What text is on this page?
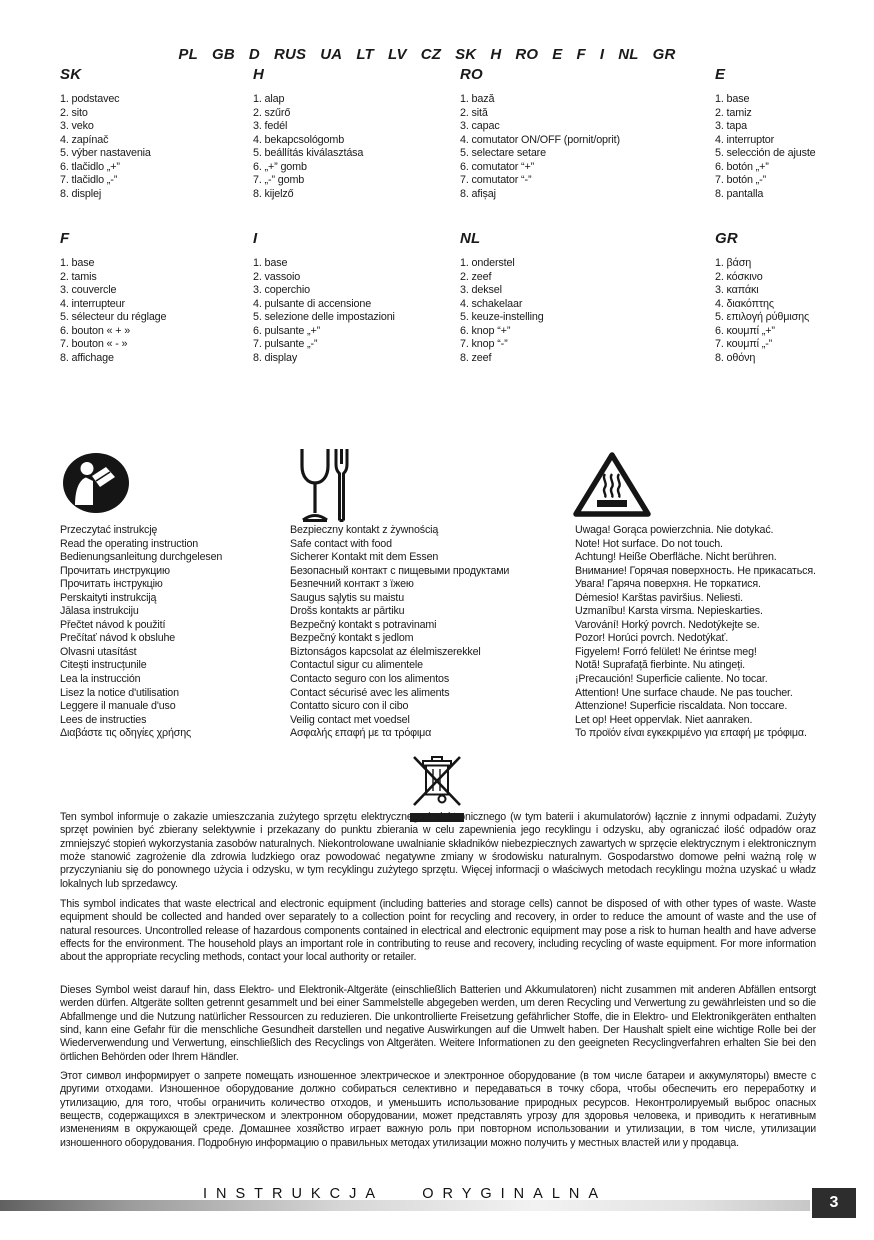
PL GB D RUS UA LT LV CZ SK H RO E F I NL GR
SK
1. podstavec
2. sito
3. veko
4. zapínač
5. výber nastavenia
6. tlačidlo „+”
7. tlačidlo „-”
8. displej
H
1. alap
2. szűrő
3. fedél
4. bekapcsológomb
5. beállítás kiválasztása
6. „+” gomb
7. „-” gomb
8. kijelző
RO
1. bază
2. sită
3. capac
4. comutator ON/OFF (pornit/oprit)
5. selectare setare
6. comutator “+”
7. comutator “-”
8. afișaj
E
1. base
2. tamiz
3. tapa
4. interruptor
5. selección de ajuste
6. botón „+”
7. botón „-”
8. pantalla
F
1. base
2. tamis
3. couvercle
4. interrupteur
5. sélecteur du réglage
6. bouton « + »
7. bouton « - »
8. affichage
I
1. base
2. vassoio
3. coperchio
4. pulsante di accensione
5. selezione delle impostazioni
6. pulsante „+”
7. pulsante „-”
8. display
NL
1. onderstel
2. zeef
3. deksel
4. schakelaar
5. keuze-instelling
6. knop “+”
7. knop “-”
8. zeef
GR
1. βάση
2. κόσκινο
3. καπάκι
4. διακόπτης
5. επιλογή ρύθμισης
6. κουμπί „+”
7. κουμπί „-”
8. οθόνη
Przeczytać instrukcję
Read the operating instruction
Bedienungsanleitung durchgelesen
Прочитать инструкцию
Прочитать інструкцію
Perskaityti instrukciją
Jālasa instrukciju
Přečtet návod k použití
Prečítať návod k obsluhe
Olvasni utasítást
Citești instrucțunile
Lea la instrucción
Lisez la notice d'utilisation
Leggere il manuale d'uso
Lees de instructies
Διαβάστε τις οδηγίες χρήσης
Bezpieczny kontakt z żywnością
Safe contact with food
Sicherer Kontakt mit dem Essen
Безопасный контакт с пищевыми продуктами
Безпечний контакт з їжею
Saugus sąlytis su maistu
Drošs kontakts ar pārtiku
Bezpečný kontakt s potravinami
Bezpečný kontakt s jedlom
Biztonságos kapcsolat az élelmiszerekkel
Contactul sigur cu alimentele
Contacto seguro con los alimentos
Contact sécurisé avec les aliments
Contatto sicuro con il cibo
Veilig contact met voedsel
Ασφαλής επαφή με τα τρόφιμα
Uwaga! Gorąca powierzchnia. Nie dotykać.
Note! Hot surface. Do not touch.
Achtung! Heiße Oberfläche. Nicht berühren.
Внимание! Горячая поверхность. Не прикасаться.
Увага! Гаряча поверхня. Не торкатися.
Dėmesio! Karštas paviršius. Neliesti.
Uzmanību! Karsta virsma. Nepieskarties.
Varování! Horký povrch. Nedotýkejte se.
Pozor! Horúci povrch. Nedotýkať.
Figyelem! Forró felület! Ne érintse meg!
Notă! Suprafață fierbinte. Nu atingeți.
¡Precaución! Superficie caliente. No tocar.
Attention! Une surface chaude. Ne pas toucher.
Attenzione! Superficie riscaldata. Non toccare.
Let op! Heet oppervlak. Niet aanraken.
Το προϊόν είναι εγκεκριμένο για επαφή με τρόφιμα.

Ten symbol informuje o zakazie umieszczania zużytego sprzętu elektrycznego i elektronicznego (w tym baterii i akumulatorów) łącznie z innymi odpadami. Zużyty sprzęt powinien być zbierany selektywnie i przekazany do punktu zbierania w celu zapewnienia jego recyklingu i odzysku, aby ograniczać ilość odpadów oraz zmniejszyć stopień wykorzystania zasobów naturalnych. Niekontrolowane uwalnianie składników niebezpiecznych zawartych w sprzęcie elektrycznym i elektronicznym może stanowić zagrożenie dla zdrowia ludzkiego oraz powodować negatywne zmiany w środowisku naturalnym. Gospodarstwo domowe pełni ważną rolę w przyczynianiu się do ponownego użycia i odzysku, w tym recyklingu zużytego sprzętu. Więcej informacji o właściwych metodach recyklingu można uzyskać u władz lokalnych lub sprzedawcy.

This symbol indicates that waste electrical and electronic equipment (including batteries and storage cells) cannot be disposed of with other types of waste. Waste equipment should be collected and handed over separately to a collection point for recycling and recovery, in order to reduce the amount of waste and the use of natural resources. Uncontrolled release of hazardous components contained in electrical and electronic equipment may pose a risk to human health and have adverse effects for the environment. The household plays an important role in contributing to reuse and recovery, including recycling of waste equipment. For more information about the appropriate recycling methods, contact your local authority or retailer.

Dieses Symbol weist darauf hin, dass Elektro- und Elektronik-Altgeräte (einschließlich Batterien und Akkumulatoren) nicht zusammen mit anderen Abfällen entsorgt werden dürfen. Altgeräte sollten getrennt gesammelt und bei einer Sammelstelle abgegeben werden, um deren Recycling und Verwertung zu gewährleisten und so die Abfallmenge und die Nutzung natürlicher Ressourcen zu reduzieren. Die unkontrollierte Freisetzung gefährlicher Stoffe, die in Elektro- und Elektronikgeräten enthalten sind, kann eine Gefahr für die menschliche Gesundheit darstellen und negative Auswirkungen auf die Umwelt haben. Der Haushalt spielt eine wichtige Rolle bei der Wiederverwendung und Verwertung, einschließlich des Recyclings von Altgeräten. Weitere Informationen zu den geeigneten Recyclingverfahren erhalten Sie bei den örtlichen Behörden oder Ihrem Händler.

Этот символ информирует о запрете помещать изношенное электрическое и электронное оборудование (в том числе батареи и аккумуляторы) вместе с другими отходами. Изношенное оборудование должно собираться селективно и передаваться в точку сбора, чтобы обеспечить его переработку и утилизацию, для того, чтобы ограничить количество отходов, и уменьшить использование природных ресурсов. Неконтролируемый выброс опасных веществ, содержащихся в электрическом и электронном оборудовании, может представлять угрозу для здоровья человека, и приводить к негативным изменениям в окружающей среде. Домашнее хозяйство играет важную роль при повторном использовании и утилизации, в том числе, утилизации изношенного оборудования. Подробную информацию о правильных методах утилизации можно получить у местных властей или у продавца.

INSTRUKCJA ORYGINALNA	3
